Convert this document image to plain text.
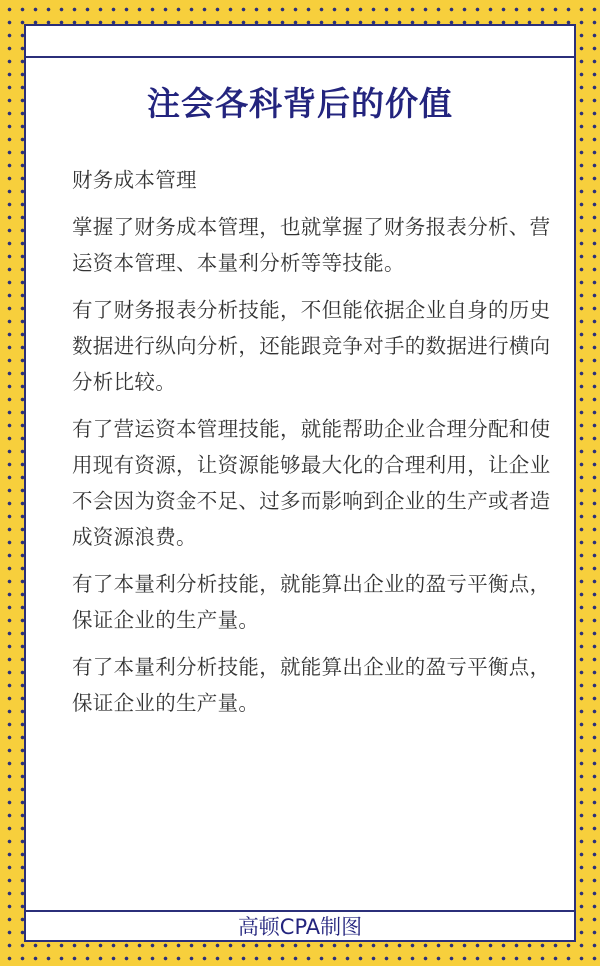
注会各科背后的价值

财务成本管理

掌握了财务成本管理，也就掌握了财务报表分析、营运资本管理、本量利分析等等技能。

有了财务报表分析技能，不但能依据企业自身的历史数据进行纵向分析，还能跟竞争对手的数据进行横向分析比较。

有了营运资本管理技能，就能帮助企业合理分配和使用现有资源，让资源能够最大化的合理利用，让企业不会因为资金不足、过多而影响到企业的生产或者造成资源浪费。

有了本量利分析技能，就能算出企业的盈亏平衡点，保证企业的生产量。

有了本量利分析技能，就能算出企业的盈亏平衡点，保证企业的生产量。

高顿CPA制图
